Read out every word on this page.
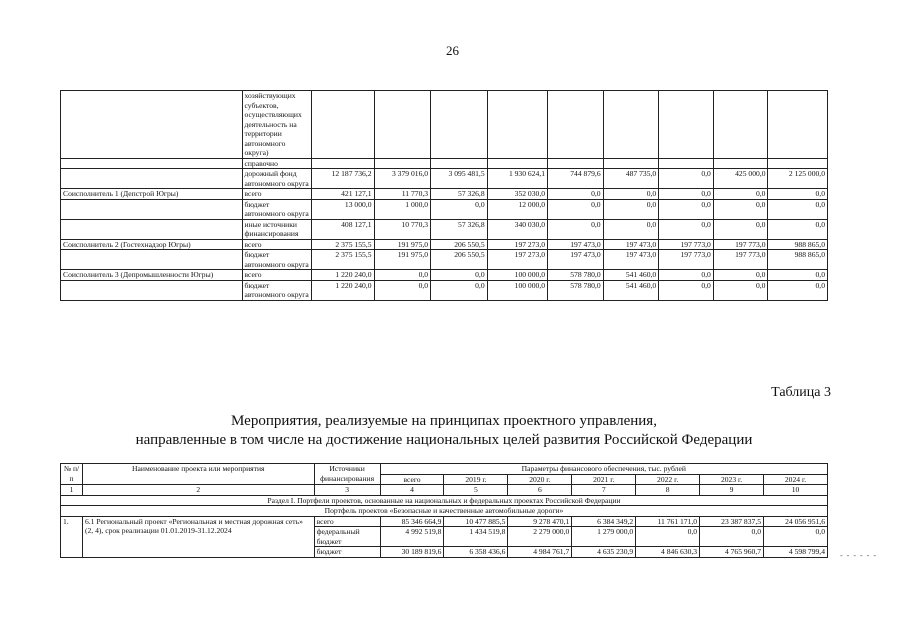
26
	хозяйствующих субъектов, осуществляющих деятельность на территории автономного округа)									
	справочно									
	дорожный фонд автономного округа	12 187 736,2	3 379 016,0	3 095 481,5	1 930 624,1	744 879,6	487 735,0	0,0	425 000,0	2 125 000,0
Соисполнитель 1 (Депстрой Югры)	всего	421 127,1	11 770,3	57 326,8	352 030,0	0,0	0,0	0,0	0,0	0,0
	бюджет автономного округа	13 000,0	1 000,0	0,0	12 000,0	0,0	0,0	0,0	0,0	0,0
	иные источники финансирования	408 127,1	10 770,3	57 326,8	340 030,0	0,0	0,0	0,0	0,0	0,0
Соисполнитель 2 (Гостехнадзор Югры)	всего	2 375 155,5	191 975,0	206 550,5	197 273,0	197 473,0	197 473,0	197 773,0	197 773,0	988 865,0
	бюджет автономного округа	2 375 155,5	191 975,0	206 550,5	197 273,0	197 473,0	197 473,0	197 773,0	197 773,0	988 865,0
Соисполнитель 3 (Депромышленности Югры)	всего	1 220 240,0	0,0	0,0	100 000,0	578 780,0	541 460,0	0,0	0,0	0,0
	бюджет автономного округа	1 220 240,0	0,0	0,0	100 000,0	578 780,0	541 460,0	0,0	0,0	0,0
Таблица 3
Мероприятия, реализуемые на принципах проектного управления,
направленные в том числе на достижение национальных целей развития Российской Федерации
№ п/п	Наименование проекта или мероприятия	Источники финансирования	Параметры финансового обеспечения, тыс. рублей						
			всего	2019 г.	2020 г.	2021 г.	2022 г.	2023 г.	2024 г.
1	2	3	4	5	6	7	8	9	10
Раздел I. Портфели проектов, основанные на национальных и федеральных проектах Российской Федерации									
Портфель проектов «Безопасные и качественные автомобильные дороги»									
1.	6.1 Региональный проект «Региональная и местная дорожная сеть» (2, 4), срок реализации 01.01.2019-31.12.2024	всего	85 346 664,9	10 477 885,5	9 278 470,1	6 384 349,2	11 761 171,0	23 387 837,5	24 056 951,6
		федеральный бюджет	4 992 519,8	1 434 519,8	2 279 000,0	1 279 000,0	0,0	0,0	0,0
		бюджет	30 189 819,6	6 358 436,6	4 984 761,7	4 635 230,9	4 846 630,3	4 765 960,7	4 598 799,4 - - - - - -
